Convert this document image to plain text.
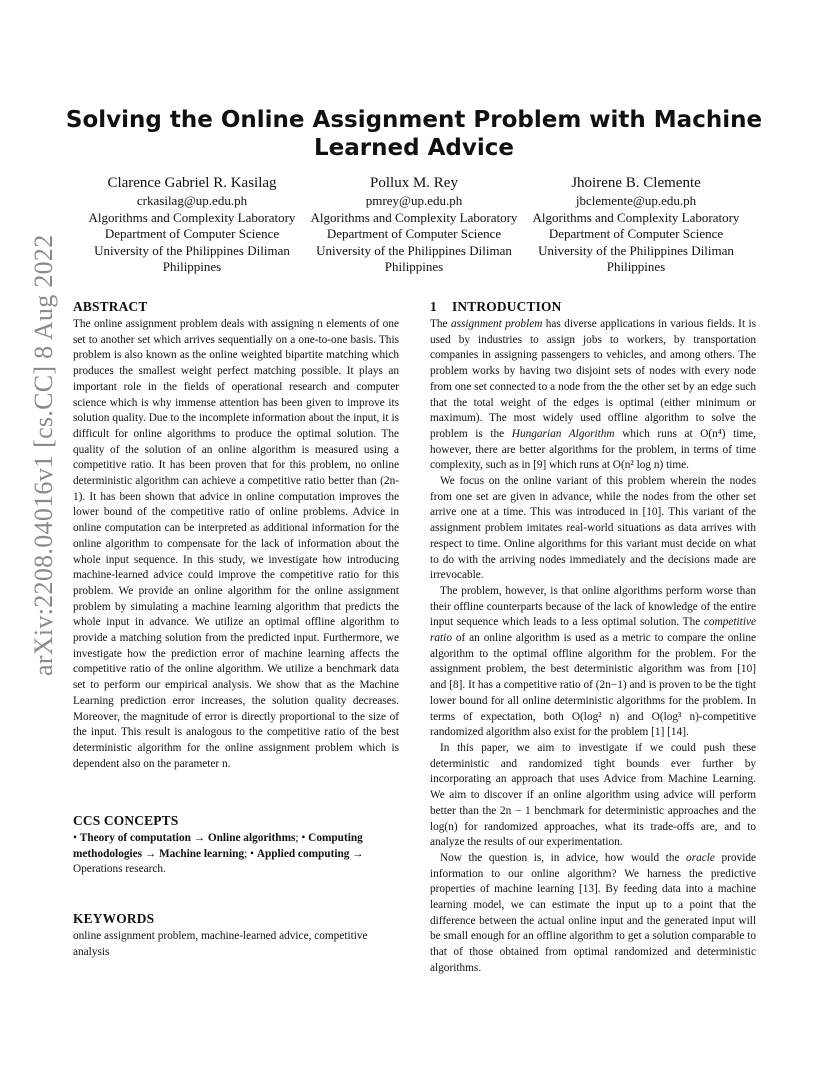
arXiv:2208.04016v1 [cs.CC] 8 Aug 2022
Solving the Online Assignment Problem with Machine Learned Advice
Clarence Gabriel R. Kasilag
crkasilag@up.edu.ph
Algorithms and Complexity Laboratory
Department of Computer Science
University of the Philippines Diliman
Philippines
Pollux M. Rey
pmrey@up.edu.ph
Algorithms and Complexity Laboratory
Department of Computer Science
University of the Philippines Diliman
Philippines
Jhoirene B. Clemente
jbclemente@up.edu.ph
Algorithms and Complexity Laboratory
Department of Computer Science
University of the Philippines Diliman
Philippines
ABSTRACT

The online assignment problem deals with assigning n elements of one set to another set which arrives sequentially on a one-to-one basis. This problem is also known as the online weighted bipartite matching which produces the smallest weight perfect matching possible. It plays an important role in the fields of operational research and computer science which is why immense attention has been given to improve its solution quality. Due to the incomplete information about the input, it is difficult for online algorithms to produce the optimal solution. The quality of the solution of an online algorithm is measured using a competitive ratio. It has been proven that for this problem, no online deterministic algorithm can achieve a competitive ratio better than (2n-1). It has been shown that advice in online computation improves the lower bound of the competitive ratio of online problems. Advice in online computation can be interpreted as additional information for the online algorithm to compensate for the lack of information about the whole input sequence. In this study, we investigate how introducing machine-learned advice could improve the competitive ratio for this problem. We provide an online algorithm for the online assignment problem by simulating a machine learning algorithm that predicts the whole input in advance. We utilize an optimal offline algorithm to provide a matching solution from the predicted input. Furthermore, we investigate how the prediction error of machine learning affects the competitive ratio of the online algorithm. We utilize a benchmark data set to perform our empirical analysis. We show that as the Machine Learning prediction error increases, the solution quality decreases. Moreover, the magnitude of error is directly proportional to the size of the input. This result is analogous to the competitive ratio of the best deterministic algorithm for the online assignment problem which is dependent also on the parameter n.

CCS CONCEPTS

• Theory of computation → Online algorithms; • Computing methodologies → Machine learning; • Applied computing → Operations research.

KEYWORDS

online assignment problem, machine-learned advice, competitive analysis

1 INTRODUCTION

The assignment problem has diverse applications in various fields. It is used by industries to assign jobs to workers, by transportation companies in assigning passengers to vehicles, and among others. The problem works by having two disjoint sets of nodes with every node from one set connected to a node from the the other set by an edge such that the total weight of the edges is optimal (either minimum or maximum). The most widely used offline algorithm to solve the problem is the Hungarian Algorithm which runs at O(n⁴) time, however, there are better algorithms for the problem, in terms of time complexity, such as in [9] which runs at O(n² log n) time.

We focus on the online variant of this problem wherein the nodes from one set are given in advance, while the nodes from the other set arrive one at a time. This was introduced in [10]. This variant of the assignment problem imitates real-world situations as data arrives with respect to time. Online algorithms for this variant must decide on what to do with the arriving nodes immediately and the decisions made are irrevocable.

The problem, however, is that online algorithms perform worse than their offline counterparts because of the lack of knowledge of the entire input sequence which leads to a less optimal solution. The competitive ratio of an online algorithm is used as a metric to compare the online algorithm to the optimal offline algorithm for the problem. For the assignment problem, the best deterministic algorithm was from [10] and [8]. It has a competitive ratio of (2n−1) and is proven to be the tight lower bound for all online deterministic algorithms for the problem. In terms of expectation, both O(log² n) and O(log³ n)-competitive randomized algorithm also exist for the problem [1] [14].

In this paper, we aim to investigate if we could push these deterministic and randomized tight bounds ever further by incorporating an approach that uses Advice from Machine Learning. We aim to discover if an online algorithm using advice will perform better than the 2n − 1 benchmark for deterministic approaches and the log(n) for randomized approaches, what its trade-offs are, and to analyze the results of our experimentation.

Now the question is, in advice, how would the oracle provide information to our online algorithm? We harness the predictive properties of machine learning [13]. By feeding data into a machine learning model, we can estimate the input up to a point that the difference between the actual online input and the generated input will be small enough for an offline algorithm to get a solution comparable to that of those obtained from optimal randomized and deterministic algorithms.
